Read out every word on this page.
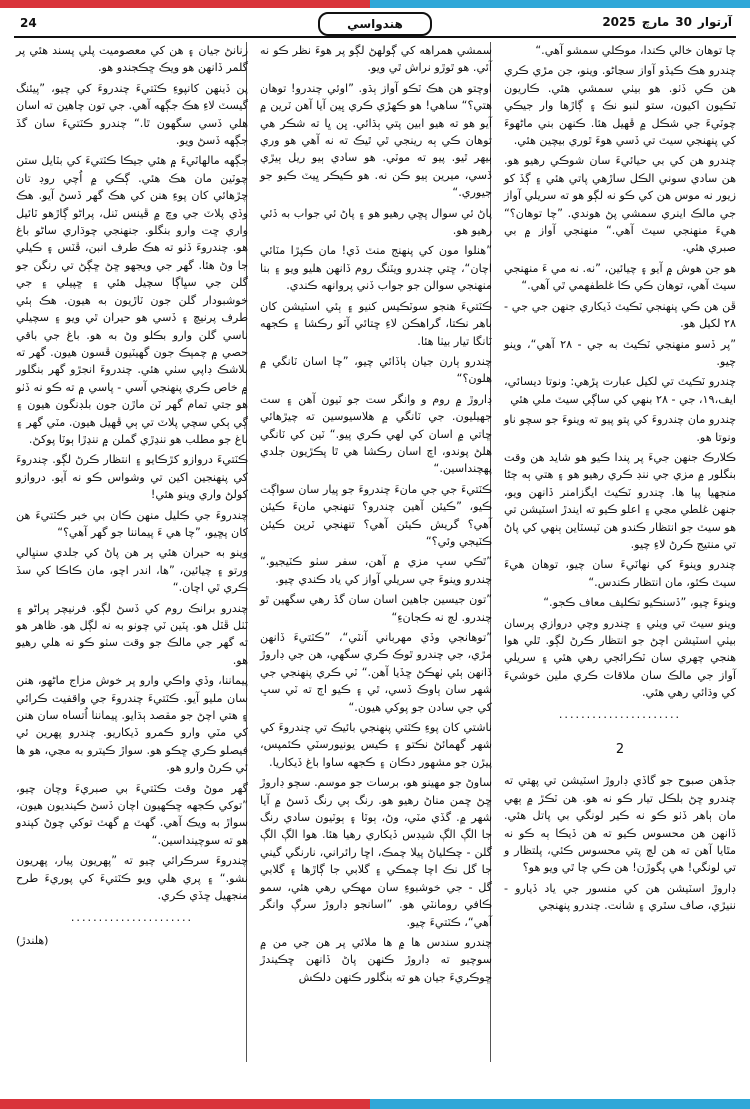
24	هندواسي	آرتوار
30
مارچ
2025

چا توهان خالي ڪندا، موڪلي سمشو آهي.“

چندرو هڪ ڪيڏو آواز سڃاڻو. وينو، جن مڙي ڪري هن ڪي ڏٺو. هو بيٺي سمشي هئي. ڪاريون ٽڪيون اکيون، ستو لنبو نڪ ۽ ڳاڙها وار جيڪي چوٽيءَ جي شڪل ۾ ڦهيل هئا. ڪنهن بني ماڻهوءَ کي پنهنجي سيٽ تي ڏسي هوءَ ٿوري بيچين هئي.

چندرو هن کي بي حيائيءَ سان شوڪي رهيو هو. هن سادي سوني الڪل ساڙهي پاتي هئي ۽ ڳڏ کو زيور نه موس هن کي ڪو نه لڳو هو ته سريلي آواز جي مالڪ اينري سمشي پڻ هوندي. ”چا توهان؟“ هيءَ منهنجي سيٽ آهي.“ منهنجي آواز ۾ بي صبري هئي.

هو جن هوش ۾ آيو ۽ چيائين، ”نه. نه مي ءَ منهنجي سيٽ آهي، توهان ڪي ڪا غلطفهمي ٿي آهي.“

ڦن هن ڪي پنهنجي ٽڪيٽ ڏيکاري جنهن جي جي - ٢٨ لکيل هو.

”پر ڏسو منهنجي ٽڪيٽ به جي - ٢٨ آهي“، وينو چيو.

چندرو ٽڪيٽ تي لکيل عبارت پڙهي: ونوتا ديسائي، ايف،١٩، جي - ٢٨ بنهي کي ساڳي سيٽ ملي هئي

چندرو مان چندروءَ کي پتو پيو ته وينوءَ جو سچو ناو ونوتا هو.

ڪلارڪ جنهن جيءَ پر پندا ڪيو هو شايد هن وقت بنگلور ۾ مزي جي ننڊ ڪري رهيو هو ۽ هتي ٻه ڄڻا منجهيا پيا ها. چندرو ٽڪيٽ ايگزامنر ڏانهن ويو، جنهن غلطي مڃي ۽ اعلو ڪيو ته ايندڙ اسٽيشن تي هو سيٽ جو انتظار ڪندو هن ٽيسٽاين ٻنهي کي پاڻ تي منتيج ڪرڻ لاءِ چيو.

چندرو وينوءَ کي نهاٽيءَ سان چيو، توهان هيءَ سيٽ ڪئو، مان انتظار ڪندس.“

وينوءَ چيو، ”ڏسنڪيو تڪليف معاف ڪجو.“

وينو سيٽ تي ويٺي ۽ چندرو وچي دروازي پرسان بيٺي اسٽيشن اچڻ جو انتظار ڪرڻ لڳو. ٿلي هوا هنجي چهري سان ٽڪرائجي رهي هئي ۽ سريلي آواز جي مالڪ سان ملاقات ڪري ملين خوشيءَ کي وڌائي رهي هئي.

......................
2

جڏهن صبوح جو گاڏي ڊاروڙ اسٽيشن تي پهتي ته چندرو ڇڻ بلڪل تيار ڪو نه هو. هن ٽڪڙ ۾ ٻهي مان ٻاهر ڏٺو ڪو نه ڪير لونگي بي پاتل هئي. ڏانهن هن محسوس ڪيو ته هن ڏيڪا ٻه ڪو نه مٿايا آهن ته هن لڄ پتي محسوس ڪئي، پلتظار و تي لونگي! هي پگوڙن! هن ڪي چا ٿي ويو هو؟

ڊاروڙ اسٽيشن هن کي منسور جي ياد ڏيارو - ننيڙي، صاف سٿري ۽ شانت. چندرو پنهنجي

سمشي همراهه کي ڳولهڻ لڳو پر هوءَ نظر ڪو نه آئي. هو ٿوڙو نراش ٿي ويو.

اوچتو هن هڪ ٽڪو آواز ٻڌو. ”اوئي چندرو! توهان هتي؟“ ساهي! هو ڪهڙي ڪري ڀين آيا آهن ٽرين ۾ آيو هو ته هيو ابين پتي ٻڌائي. ڀن ڀا ته شڪر هي توهان ڪي ٻه رينجي ٿي ٿيڪ ته نه آهي هو وري ٻيهر ٿيو. پيو ته موٽي. هو سادي ٻيو ريل ٻيڙي ڏسي، ميرين ٻيو ڪن نه. هو ڪيڪر ڀيٽ ڪيو جو جيوري.“

پاڻ ئي سوال پڇي رهيو هو ۽ پاڻ ئي جواب به ڏئي رهيو هو.

”هنلوا مون کي پنهنج منٽ ڏي! مان ڪپڙا مٽائي اچان“، ڇتي چندرو ويٽنگ روم ڏانهن هليو ويو ۽ بنا منهنجي سوالن جو جواب ڏني پروانهه ڪندي.

ڪٽتيءَ هنجو سوٽڪيس کنيو ۽ ٻئي اسٽيشن کان ٻاهر نڪتا، گراهڪن لاءِ ڇتائي آٽو رڪشا ۽ ڪجهه ٽانگا تيار بيٺا هئا.

چندرو ٻارن جيان ٻاڏائي چيو، ”چا اسان ٽانگي ۾ هلون؟“

ڊاروڙ ۾ روم و وانگر ست جو ٽيون آهن ۽ ست جهيليون. جي ٽانگي ۾ هلاسيوسين ته چيڙهائي ڇاتي ۾ اسان کي لهي ڪري پيو.“ ٽين کي ٽانگي هلڻ پوندو، اچ اسان رڪشا هي ٿا پڪڙيون جلدي پهچنداسين.“

ڪٽتيءَ جي جي مانءَ چندروءَ جو پيار سان سواڳت ڪيو، ”ڪيئن آهين چندرو؟ تنهنجي مانءَ ڪيئن آهي؟ گريش ڪيئن آهي؟ تنهنجي ٽرين ڪيئن ڪٽيجي وئي؟“

”ٿڪي سڀ مزي ۾ آهن، سفر سٺو ڪٽيجيو.“ چندرو وينوءَ جي سريلي آواز کي ياد ڪندي چيو.

”تون جيسين جاهين اسان سان گڏ رهي سگهين ٿو چندرو. لڄ نه ڪجانءِ“

”توهانجي وڏي مهرباني آنٽي“، ”ڪٽتيءَ ڏانهن مڙي، جي چندرو ٿوڪ ڪري سگهي، هن جي ڊاروڙ ڏانهن ٻئي ٺهڪڻ ڇڏيا آهن.“ ٽي ڪري پنهنجي جي شهر سان ٻاوڪ ڏسي، ٿي ۽ ڪيو اڄ ته ٽي سڀ کي جي سادن جو پوکي هيون.“

ناشتي کان پوءِ ڪٽتي پنهنجي بائيڪ تي چندروءَ کي شهر گهمائڻ نڪتو ۽ ڪيس يونيورسٽي ڪئمپس، پيڙن جو مشهور دڪان ۽ ڪجهه ساوا باغ ڏيکاريا.

ساوڻ جو مهينو هو، برسات جو موسم. سڄو ڊاروڙ ڇڻ ڇمن مناڻ رهيو هو. رنگ ٻي رنگ ڏسڻ ۾ آيا شهر ۾. گڏي مٽي، وڻ، ٻوٽا ۽ ٻوٽيون سادي رنگ جا الڳ الڳ شيڊس ڏيکاري رهيا هئا. هوا الڳ الڳ گلن - چڪلياڻ پيلا چمڪ، اڇا رائراني، نارنگي گيني جا گل نڪ اچا چمڪي ۽ گلابي جا ڳاڙها ۽ گلابي گل - جي خوشبوءِ سان مهڪي رهي هئي، سمو ڪافي رومانٽي هو. ”اسانجو ڊاروڙ سرڳ وانگر آهي“، ڪٽتيءَ چيو.

چندرو سندس ها ۾ ها ملائي پر هن جي من ۾ سوچيو ته ڊاروڙ ڪنهن پاڻ ڏانهن ڇڪيندڙ ڇوڪريءَ جيان هو ته بنگلور ڪنهن دلڪش

زنانڻ جيان ۽ هن کي معصوميت پلي پسند هئي پر گلمر ڏانهن هو ويڪ ڇڪجندو هو.

پن ڏينهن کانپوءِ ڪٽتيءَ چندروءَ کي چيو، ”پيئنگ گيسٽ لاءِ هڪ جڳهه آهي. جي تون چاهين ته اسان هلي ڏسي سگهون ٿا.“ چندرو ڪٽتيءَ سان گڏ جڳهه ڏسڻ ويو.

جڳهه مالهاٽيءَ ۾ هئي جيڪا ڪٽتيءَ کي بٽايل ستن چوٽين مان هڪ هئي. ڳڪي ۾ اُچي روڊ تان چڙهائي کان پوءِ هنن کي هڪ گهر ڏسڻ آيو. هڪ وڏي پلاٽ جي وچ ۾ ڦينس ٽنل، پراڻو ڳاڙهو ٽائيل واري ڇت وارو بنگلو. جنهنجي چوڌاري ساڻو باغ هو. چندروءَ ڏٺو ته هڪ طرف انبن، ڦٽس ۽ ڪيلي جا وڻ هئا. گهر جي ويجهو ڇڻ ڇڳڻ تي رنگن جو گلن جي سڀاڳا سچيل هئي ۽ ڇپيلي ۽ جي خوشبودار گلن جون ٽاڙيون به هيون. هڪ ٻئي طرف پرنيچ ۽ ڏسي هو حيران ٿي ويو ۽ سچيلي ناسي گلن وارو بڪلو وڻ به هو. باغ جي باقي حصي ۾ چمپڪ جون گهيٽيون ڦسون هيون. گهر ته بلاشڪ ڊاپي سٺي هئي. چندروءَ انجڙو گهر بنگلور ۾ خاص ڪري پنهنجي آسي - پاسي ۾ ته ڪو نه ڏٺو هو جتي تمام گهر ٽن ماڙن جون بلڊنگون هيون ۽ ڳي ٻکي سچي پلاٽ تي ٻي ڦهيل هيون. مٽي گهر ۽ باغ جو مطلب هو ننڍڙي گملن ۾ ننڍڙا ٻوٽا پوکڻ.

ڪٽتيءَ دروازو کڙڪايو ۽ انتظار ڪرڻ لڳو. چندروءَ کي پنهنجين اکين تي وشواس ڪو نه آيو. دروازو کولڻ واري وينو هئي!

چندروءَ جي ڪليل منهن ڪان بي خبر ڪٽتيءَ هن کان پڇيو، ”چا هي ءَ پيماننا جو گهر آهي؟“

وينو به حيران هئي پر هن پاڻ کي جلدي سنڀالي ورتو ۽ چيائين، ”ها، اندر اچو، مان ڪاڪا کي سڏ ڪري ٿي اچان.“

چندرو برانڪ روم کي ڏسڻ لڳو. فرنيچر پراڻو ۽ ٽٺل ڦٽل هو. پٽين ٽي چونو به نه لڳل هو. ظاهر هو ته گهر جي مالڪ جو وقت سٺو ڪو نه هلي رهيو هو.

پيماننا، وڏي واڪي وارو پر خوش مزاج ماڻهو، هنن سان مليو آيو. ڪٽتيءَ چندروءَ جي واقفيت ڪرائي ۽ هتي اچڻ جو مقصد ٻڌايو. پيماننا اُتساه سان هنن کي مٽي وارو ڪمرو ڏيکاريو. چندرو پهرين ئي فيصلو ڪري ڇڪو هو. سواڙ ڪيترو به مڃي، هو ها ئي ڪرڻ وارو هو.

گهر موڻ وقت ڪٽتيءَ بي صبريءَ وچان چيو، ”توکي ڪجهه ڇڪهيون اچان ڏسڻ ڪينديون هيون، سواڙ به ويڪ آهي. گهٽ ۾ گهٽ توکي چوڻ کپندو هو ته سوچينداسين.“

چندروءَ سرڪرائي چيو ته ”پهريون پيار، پهريون نشو.“ ۽ پري هلي ويو ڪٽتيءَ کي پوريءَ طرح منجهيل ڇڏي ڪري.

......................
(هلندڙ)
